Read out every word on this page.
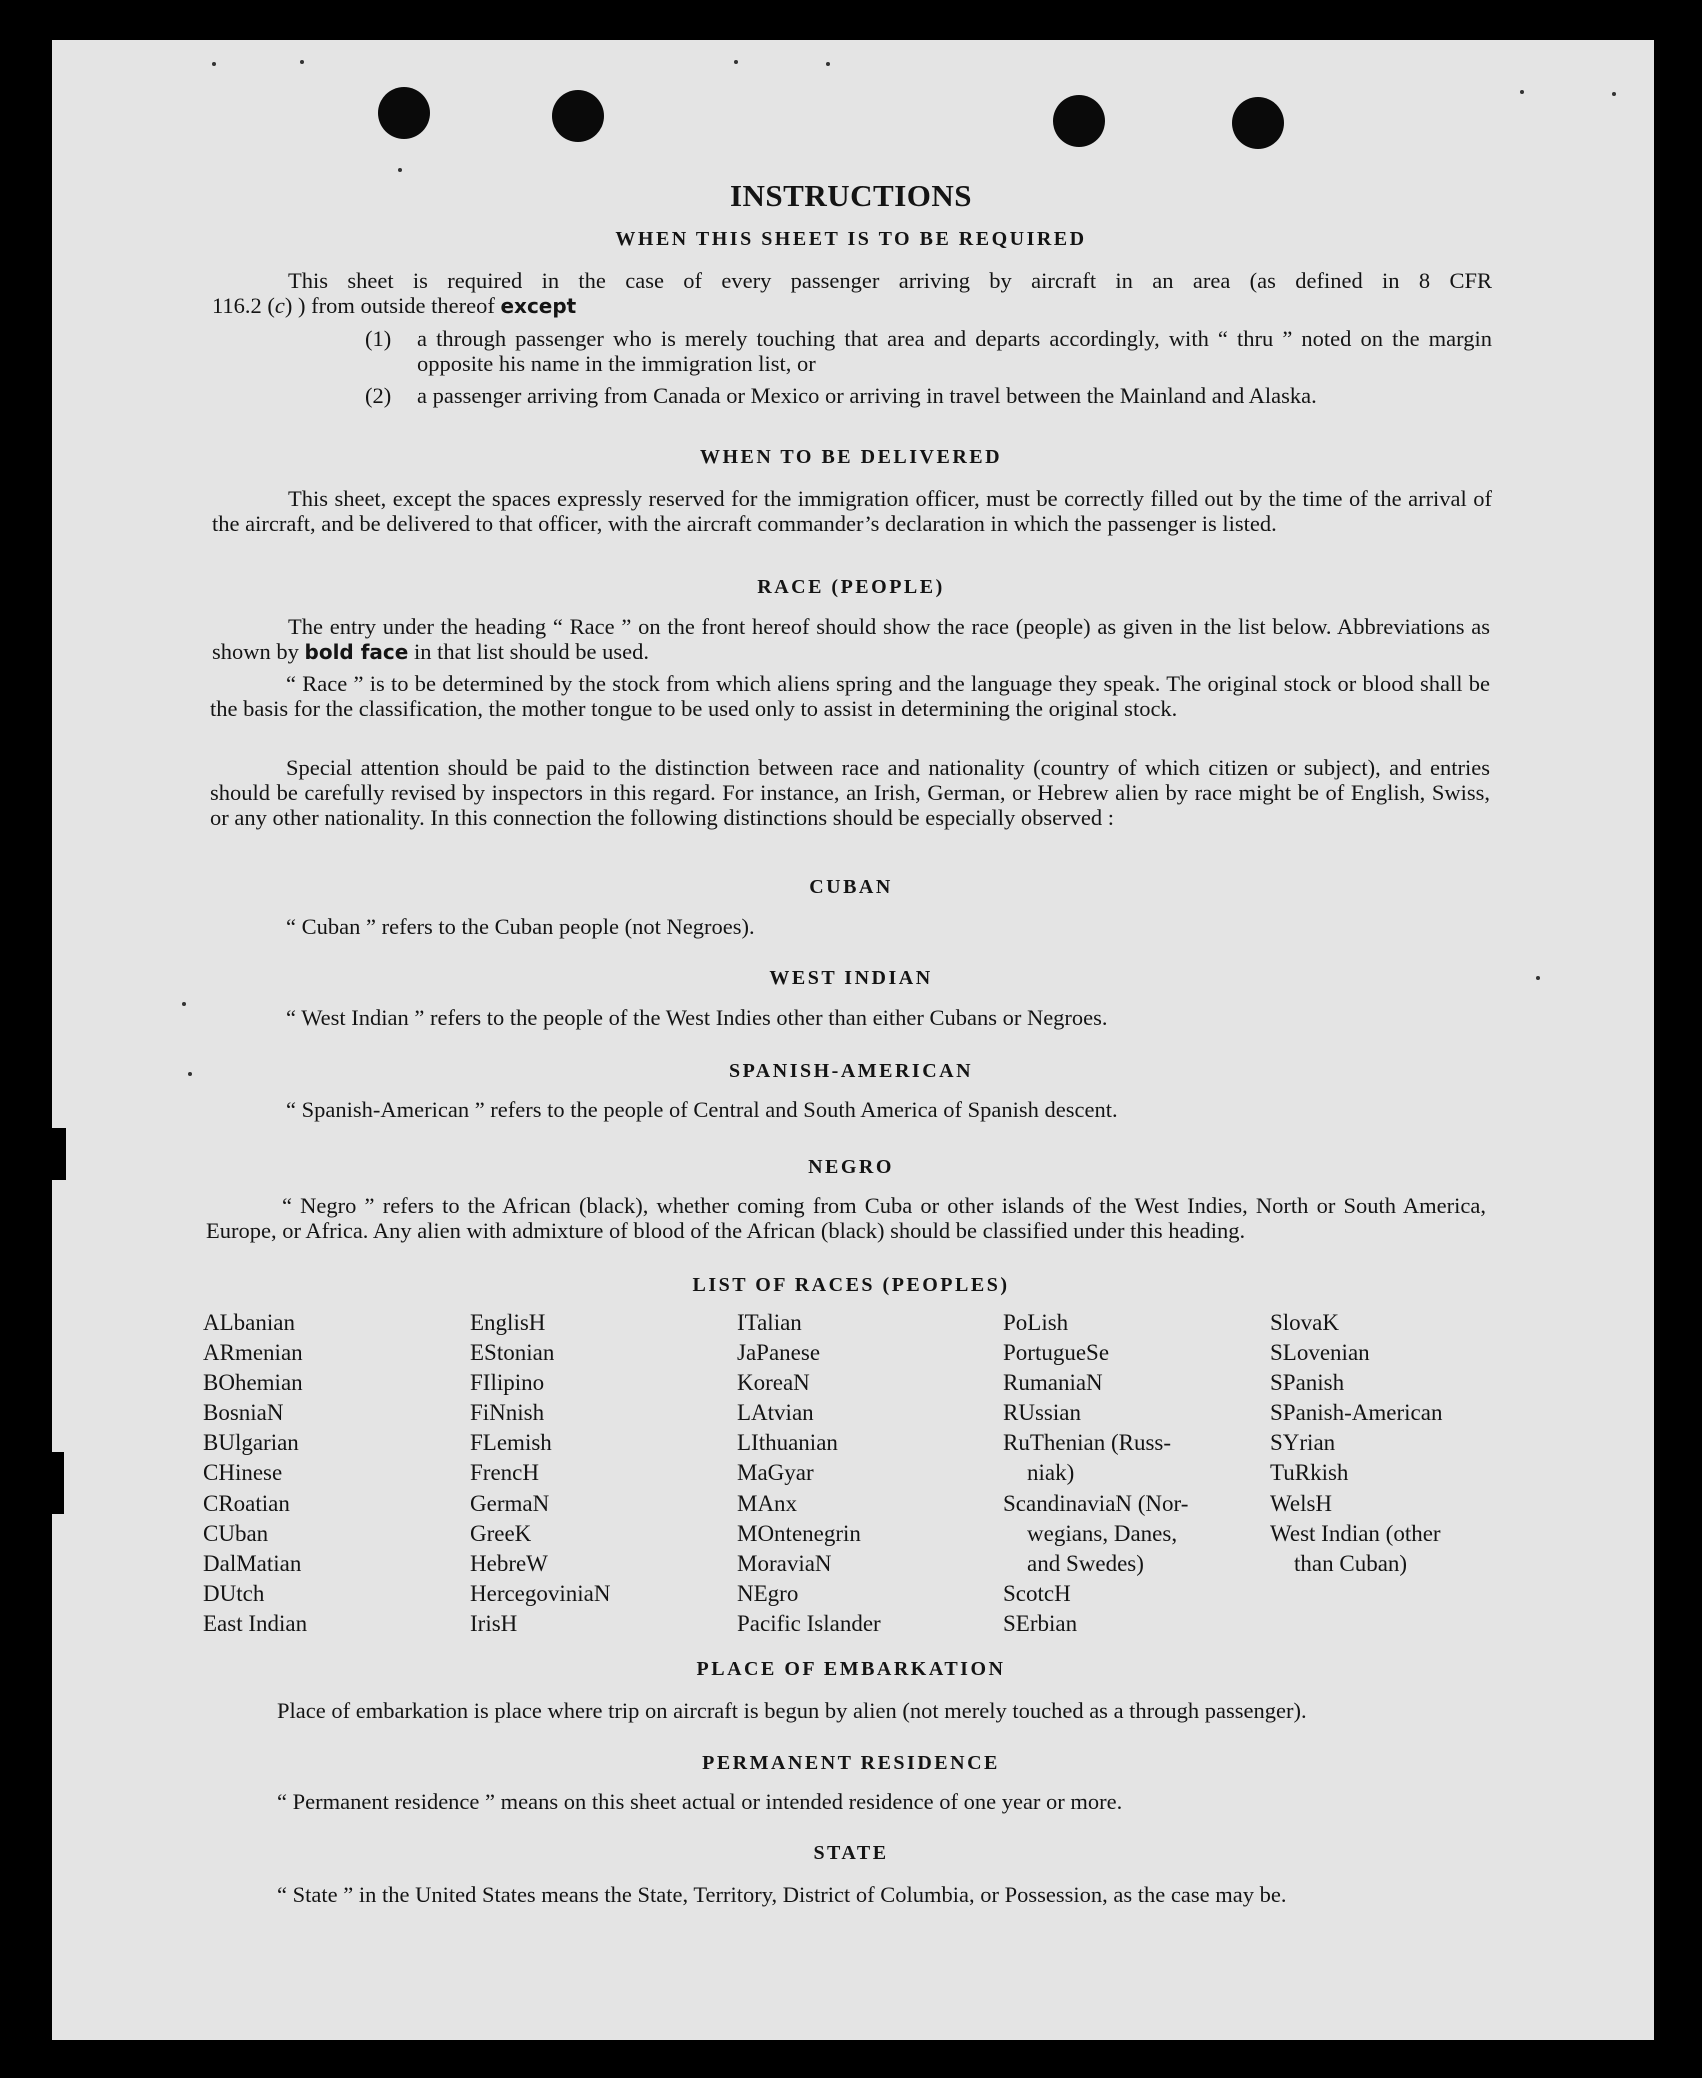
INSTRUCTIONS
WHEN THIS SHEET IS TO BE REQUIRED
This sheet is required in the case of every passenger arriving by aircraft in an area (as defined in 8 CFR
116.2 (c) ) from outside thereof except
(1) a through passenger who is merely touching that area and departs accordingly, with “ thru ” noted on the margin opposite his name in the immigration list, or
(2) a passenger arriving from Canada or Mexico or arriving in travel between the Mainland and Alaska.
WHEN TO BE DELIVERED
This sheet, except the spaces expressly reserved for the immigration officer, must be correctly filled out by the time of the arrival of the aircraft, and be delivered to that officer, with the aircraft commander’s declaration in which the passenger is listed.
RACE (PEOPLE)
The entry under the heading “ Race ” on the front hereof should show the race (people) as given in the list below. Abbreviations as shown by bold face in that list should be used.
“ Race ” is to be determined by the stock from which aliens spring and the language they speak. The original stock or blood shall be the basis for the classification, the mother tongue to be used only to assist in determining the original stock.
Special attention should be paid to the distinction between race and nationality (country of which citizen or subject), and entries should be carefully revised by inspectors in this regard. For instance, an Irish, German, or Hebrew alien by race might be of English, Swiss, or any other nationality. In this connection the following distinctions should be especially observed :
CUBAN
“ Cuban ” refers to the Cuban people (not Negroes).
WEST INDIAN
“ West Indian ” refers to the people of the West Indies other than either Cubans or Negroes.
SPANISH-AMERICAN
“ Spanish-American ” refers to the people of Central and South America of Spanish descent.
NEGRO
“ Negro ” refers to the African (black), whether coming from Cuba or other islands of the West Indies, North or South America, Europe, or Africa. Any alien with admixture of blood of the African (black) should be classified under this heading.
LIST OF RACES (PEOPLES)
ALbanian
ARmenian
BOhemian
BosniaN
BUlgarian
CHinese
CRoatian
CUban
DalMatian
DUtch
East Indian
EnglisH
EStonian
FIlipino
FiNnish
FLemish
FrencH
GermaN
GreeK
HebreW
HercegoviniaN
IrisH
ITalian
JaPanese
KoreaN
LAtvian
LIthuanian
MaGyar
MAnx
MOntenegrin
MoraviaN
NEgro
Pacific Islander
PoLish
PortugueSe
RumaniaN
RUssian
RuThenian (Russ-
niak)
ScandinaviaN (Nor-
wegians, Danes,
and Swedes)
ScotcH
SErbian
SlovaK
SLovenian
SPanish
SPanish-American
SYrian
TuRkish
WelsH
West Indian (other
than Cuban)
PLACE OF EMBARKATION
Place of embarkation is place where trip on aircraft is begun by alien (not merely touched as a through passenger).
PERMANENT RESIDENCE
“ Permanent residence ” means on this sheet actual or intended residence of one year or more.
STATE
“ State ” in the United States means the State, Territory, District of Columbia, or Possession, as the case may be.
